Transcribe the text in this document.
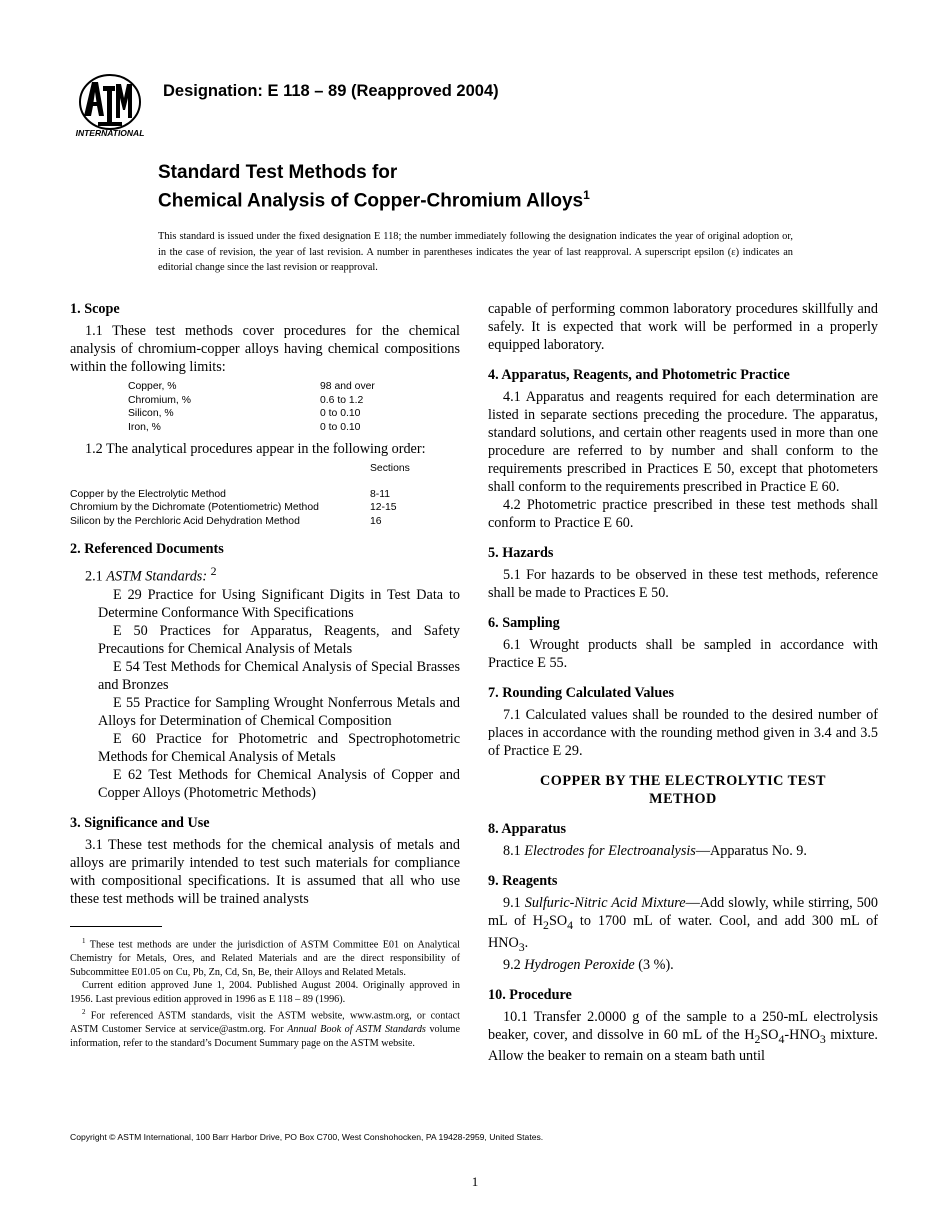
INTERNATIONAL
Designation: E 118 – 89 (Reapproved 2004)
Standard Test Methods for
Chemical Analysis of Copper-Chromium Alloys$^1$
This standard is issued under the fixed designation E 118; the number immediately following the designation indicates the year of original adoption or, in the case of revision, the year of last revision. A number in parentheses indicates the year of last reapproval. A superscript epsilon (ε) indicates an editorial change since the last revision or reapproval.
1. Scope

1.1 These test methods cover procedures for the chemical analysis of chromium-copper alloys having chemical compositions within the following limits:

Copper, %	98 and over
Chromium, %	0.6 to 1.2
Silicon, %	0 to 0.10
Iron, %	0 to 0.10

1.2 The analytical procedures appear in the following order:

	Sections
Copper by the Electrolytic Method	8-11
Chromium by the Dichromate (Potentiometric) Method	12-15
Silicon by the Perchloric Acid Dehydration Method	16
2. Referenced Documents

2.1 ASTM Standards: $^2$

E 29 Practice for Using Significant Digits in Test Data to Determine Conformance With Specifications

E 50 Practices for Apparatus, Reagents, and Safety Precautions for Chemical Analysis of Metals

E 54 Test Methods for Chemical Analysis of Special Brasses and Bronzes

E 55 Practice for Sampling Wrought Nonferrous Metals and Alloys for Determination of Chemical Composition

E 60 Practice for Photometric and Spectrophotometric Methods for Chemical Analysis of Metals

E 62 Test Methods for Chemical Analysis of Copper and Copper Alloys (Photometric Methods)

3. Significance and Use

3.1 These test methods for the chemical analysis of metals and alloys are primarily intended to test such materials for compliance with compositional specifications. It is assumed that all who use these test methods will be trained analysts

capable of performing common laboratory procedures skillfully and safely. It is expected that work will be performed in a properly equipped laboratory.

4. Apparatus, Reagents, and Photometric Practice

4.1 Apparatus and reagents required for each determination are listed in separate sections preceding the procedure. The apparatus, standard solutions, and certain other reagents used in more than one procedure are referred to by number and shall conform to the requirements prescribed in Practices E 50, except that photometers shall conform to the requirements prescribed in Practice E 60.

4.2 Photometric practice prescribed in these test methods shall conform to Practice E 60.

5. Hazards

5.1 For hazards to be observed in these test methods, reference shall be made to Practices E 50.

6. Sampling

6.1 Wrought products shall be sampled in accordance with Practice E 55.

7. Rounding Calculated Values

7.1 Calculated values shall be rounded to the desired number of places in accordance with the rounding method given in 3.4 and 3.5 of Practice E 29.

COPPER BY THE ELECTROLYTIC TEST METHOD
8. Apparatus

8.1 Electrodes for Electroanalysis—Apparatus No. 9.

9. Reagents

9.1 Sulfuric-Nitric Acid Mixture—Add slowly, while stirring, 500 mL of $H_2SO_4$ to 1700 mL of water. Cool, and add 300 mL of $HNO_3$.

9.2 Hydrogen Peroxide (3 %).

10. Procedure

10.1 Transfer 2.0000 g of the sample to a 250-mL electrolysis beaker, cover, and dissolve in 60 mL of the $H_2SO_4-HNO_3$ mixture. Allow the beaker to remain on a steam bath until

$^1$ These test methods are under the jurisdiction of ASTM Committee E01 on Analytical Chemistry for Metals, Ores, and Related Materials and are the direct responsibility of Subcommittee E01.05 on Cu, Pb, Zn, Cd, Sn, Be, their Alloys and Related Metals.

Current edition approved June 1, 2004. Published August 2004. Originally approved in 1956. Last previous edition approved in 1996 as E 118 – 89 (1996).

$^2$ For referenced ASTM standards, visit the ASTM website, www.astm.org, or contact ASTM Customer Service at service@astm.org. For Annual Book of ASTM Standards volume information, refer to the standard’s Document Summary page on the ASTM website.

Copyright © ASTM International, 100 Barr Harbor Drive, PO Box C700, West Conshohocken, PA 19428-2959, United States.
1
